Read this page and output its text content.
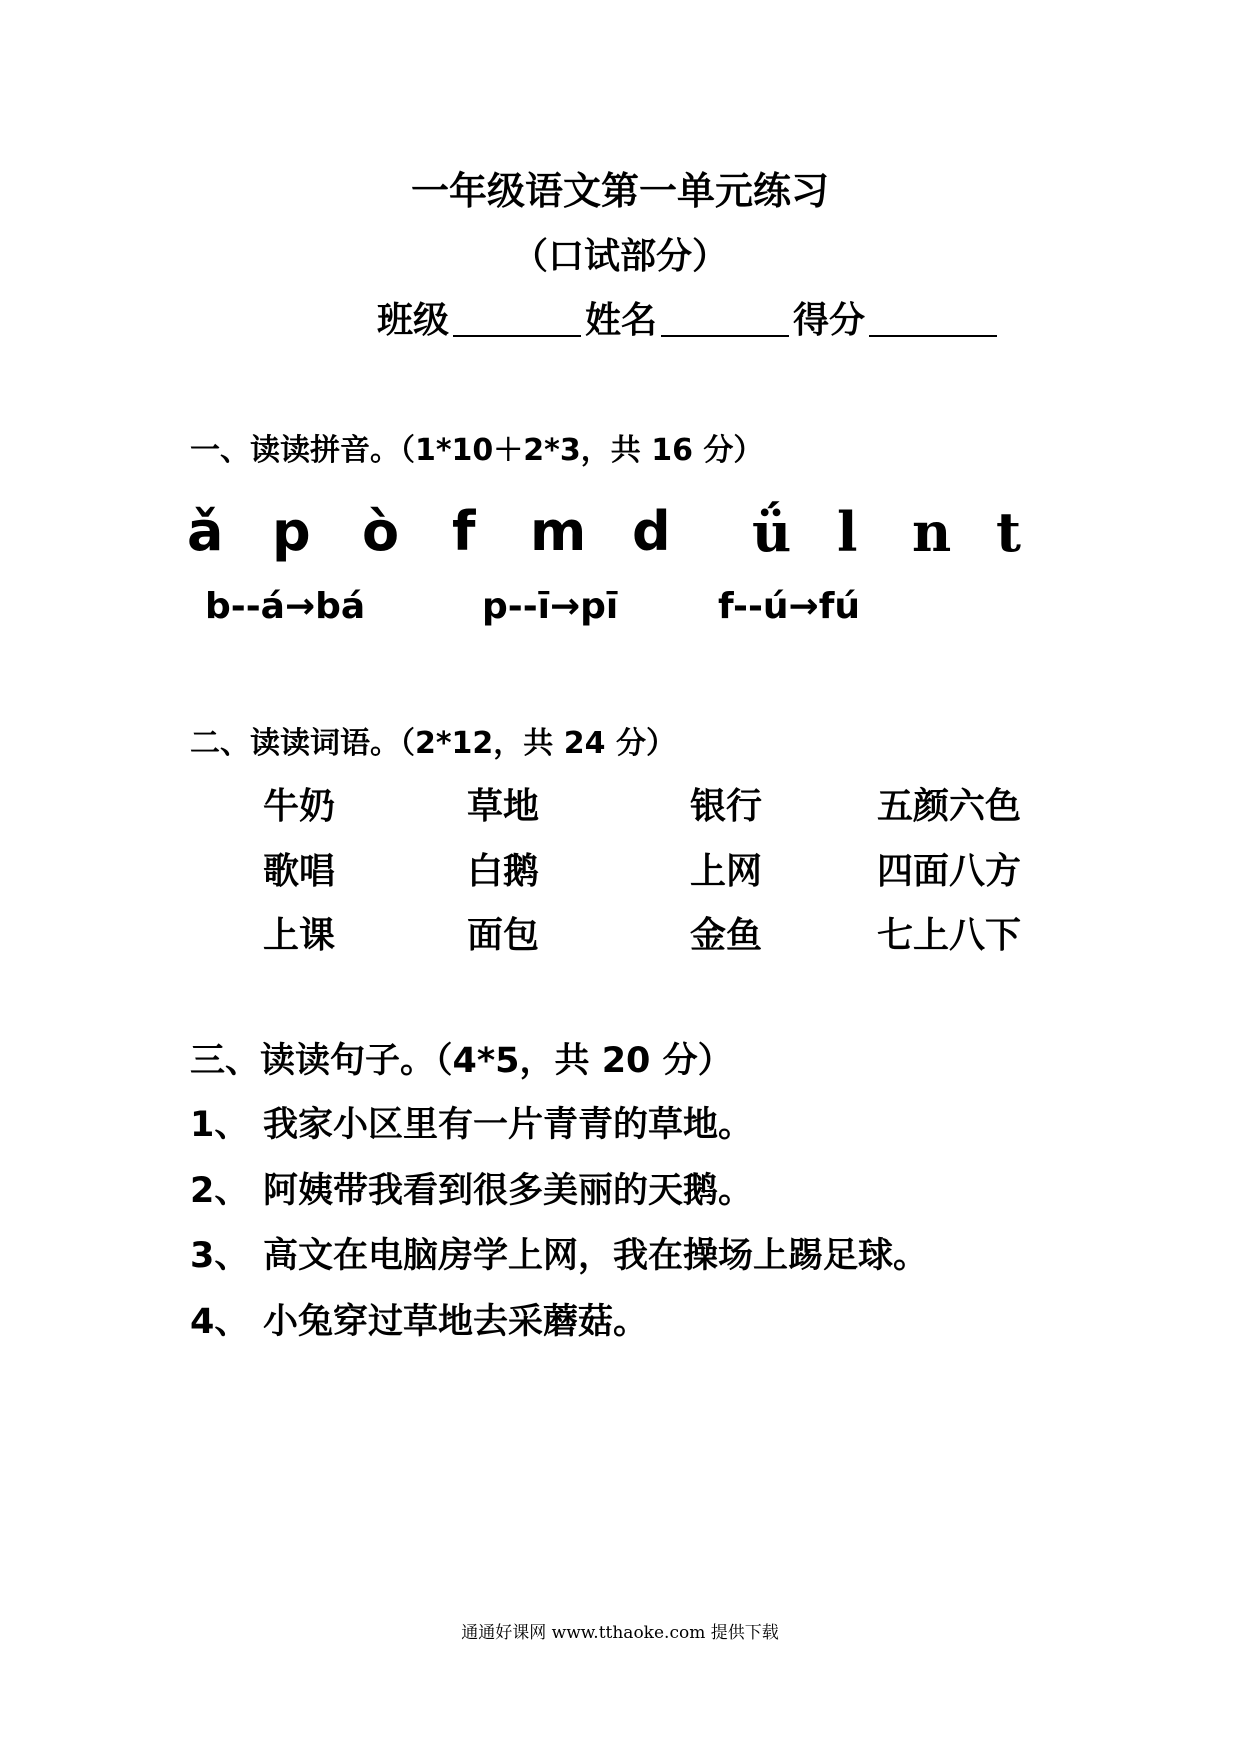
一年级语文第一单元练习
（口试部分）
班级	姓名	得分
一、读读拼音。（1*10＋2*3，共 16 分）
ǎ p ò f m d ǘ l n t
b--á→bá	p--ī→pī	f--ú→fú
二、读读词语。（2*12，共 24 分）
牛奶	草地	银行	五颜六色
歌唱	白鹅	上网	四面八方
上课	面包	金鱼	七上八下
三、读读句子。（4*5，共 20 分）
1、 我家小区里有一片青青的草地。
2、 阿姨带我看到很多美丽的天鹅。
3、 高文在电脑房学上网，我在操场上踢足球。
4、 小兔穿过草地去采蘑菇。
通通好课网 www.tthaoke.com 提供下载
